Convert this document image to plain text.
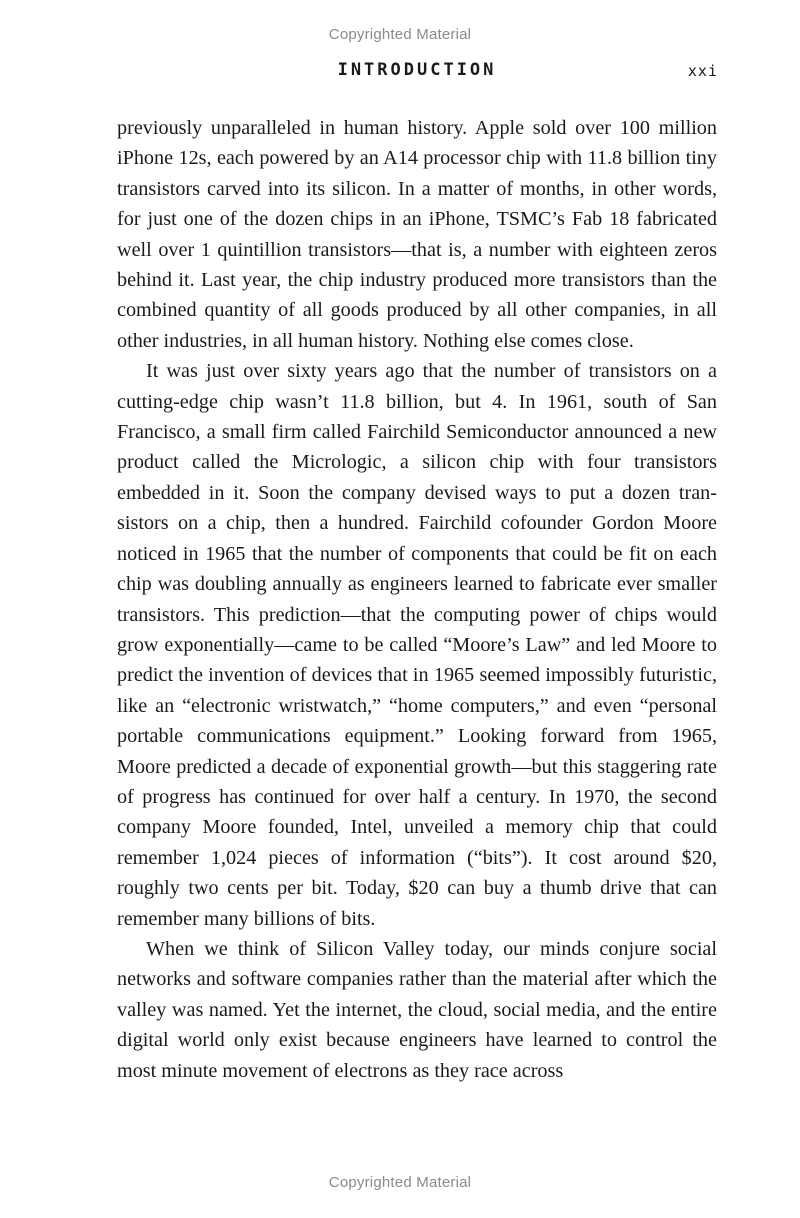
Copyrighted Material
INTRODUCTION	xxi

previously unparalleled in human history. Apple sold over 100 million iPhone 12s, each powered by an A14 processor chip with 11.8 billion tiny transistors carved into its silicon. In a matter of months, in other words, for just one of the dozen chips in an iPhone, TSMC’s Fab 18 fabricated well over 1 quintillion transistors—that is, a number with eighteen zeros behind it. Last year, the chip industry produced more transistors than the combined quantity of all goods produced by all other companies, in all other industries, in all human history. Nothing else comes close.

It was just over sixty years ago that the number of transistors on a cutting-edge chip wasn’t 11.8 billion, but 4. In 1961, south of San Francisco, a small firm called Fairchild Semiconductor announced a new product called the Micrologic, a silicon chip with four transistors embedded in it. Soon the company devised ways to put a dozen transistors on a chip, then a hundred. Fairchild cofounder Gordon Moore noticed in 1965 that the number of components that could be fit on each chip was doubling annually as engineers learned to fabricate ever smaller transistors. This prediction—that the computing power of chips would grow exponentially—came to be called “Moore’s Law” and led Moore to predict the invention of devices that in 1965 seemed impossibly futuristic, like an “electronic wristwatch,” “home computers,” and even “personal portable communications equipment.” Looking forward from 1965, Moore predicted a decade of exponential growth—but this staggering rate of progress has continued for over half a century. In 1970, the second company Moore founded, Intel, unveiled a memory chip that could remember 1,024 pieces of information (“bits”). It cost around $20, roughly two cents per bit. Today, $20 can buy a thumb drive that can remember many billions of bits.

When we think of Silicon Valley today, our minds conjure social networks and software companies rather than the material after which the valley was named. Yet the internet, the cloud, social media, and the entire digital world only exist because engineers have learned to control the most minute movement of electrons as they race across

Copyrighted Material
